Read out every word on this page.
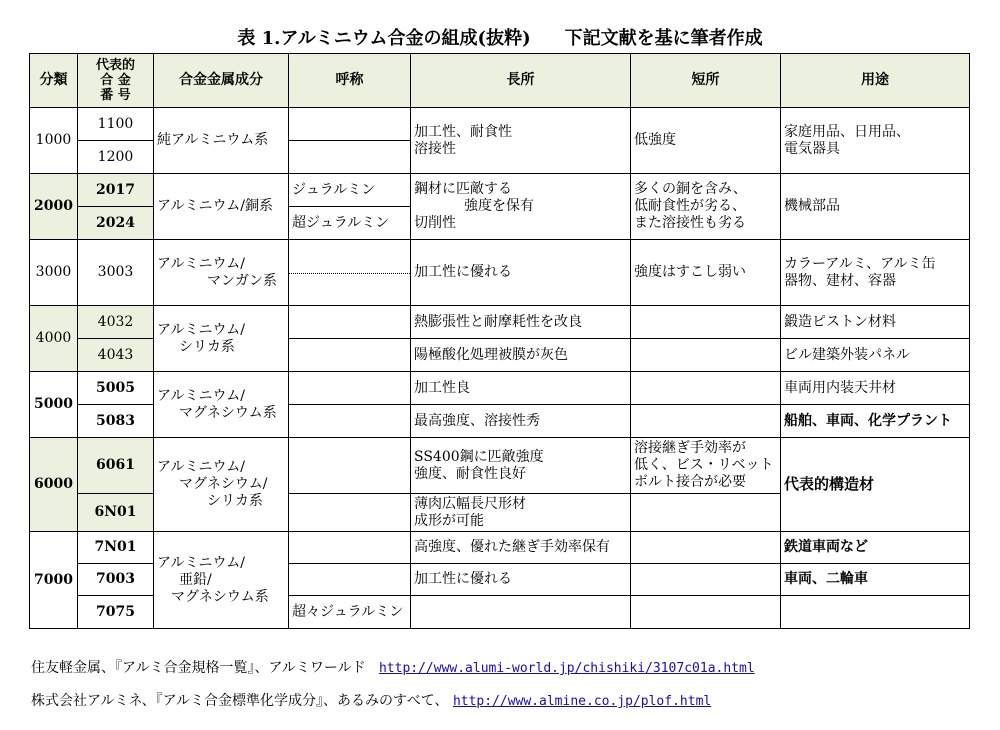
表 1.アルミニウム合金の組成(抜粋) 下記文献を基に筆者作成
分類	代表的
合 金
番 号	合金金属成分	呼称	長所	短所	用途
1000	1100	純アルミニウム系		加工性、耐食性
溶接性	低強度	家庭用品、日用品、
電気器具

	1200					
2000	2017	アルミニウム/銅系	ジュラルミン	鋼材に匹敵する
強度を保有
切削性	多くの銅を含み、
低耐食性が劣る、
また溶接性も劣る	機械部品
	2024		超ジュラルミン			
3000	3003	アルミニウム/
マンガン系		加工性に優れる	強度はすこし弱い	カラーアルミ、アルミ缶
器物、建材、容器

4000	4032	アルミニウム/
シリカ系		熱膨張性と耐摩耗性を改良		鍛造ピストン材料
	4043			陽極酸化処理被膜が灰色		ビル建築外装パネル
5000	5005	アルミニウム/
マグネシウム系		加工性良		車両用内装天井材
	5083			最高強度、溶接性秀		船舶、車両、化学プラント
6000	6061	アルミニウム/
マグネシウム/
シリカ系		SS400鋼に匹敵強度
強度、耐食性良好	溶接継ぎ手効率が
低く、ビス・リベット
ボルト接合が必要	代表的構造材
	6N01			薄肉広幅長尺形材
成形が可能		

7000	7N01	アルミニウム/
亜鉛/
マグネシウム系		高強度、優れた継ぎ手効率保有		鉄道車両など
	7003			加工性に優れる		車両、二輪車
	7075		超々ジュラルミン			
住友軽金属、『アルミ合金規格一覧』、アルミワールド http://www.alumi-world.jp/chishiki/3107c01a.html
株式会社アルミネ、『アルミ合金標準化学成分』、あるみのすべて、 http://www.almine.co.jp/plof.html
